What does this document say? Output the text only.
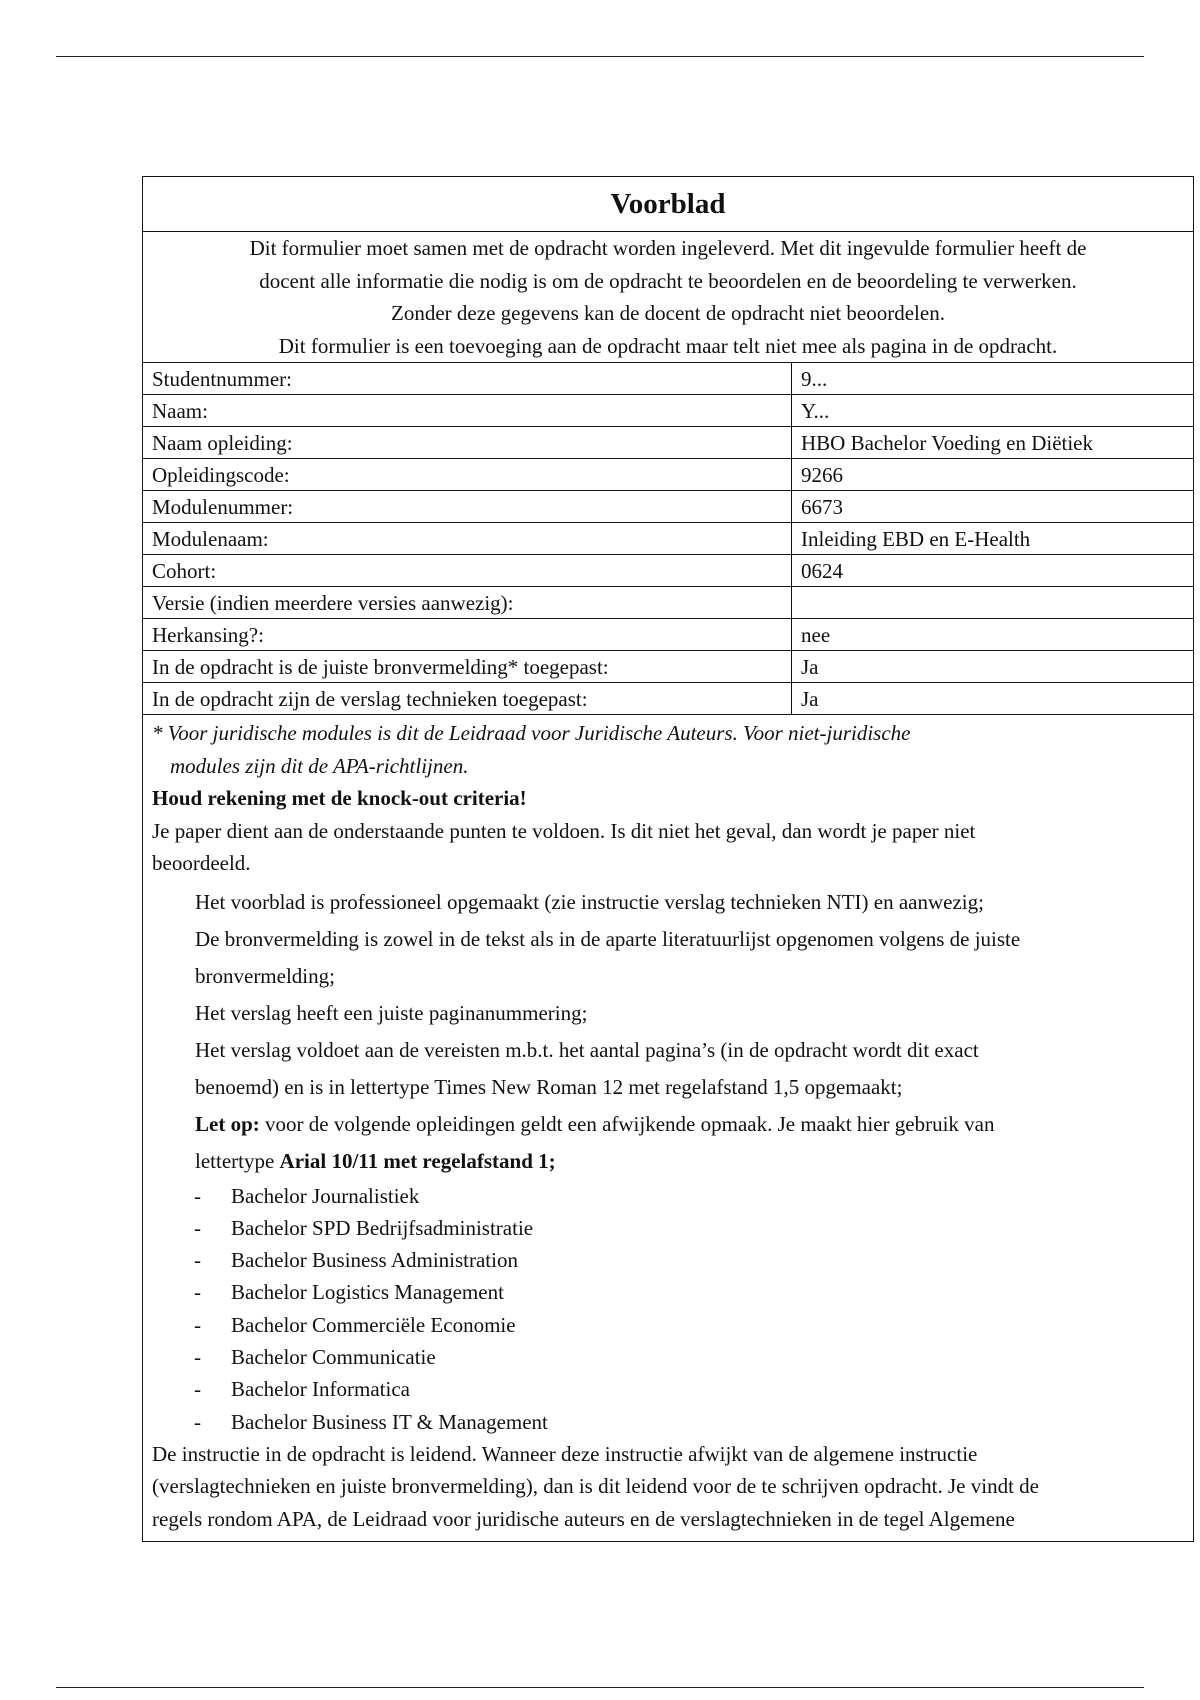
Voorblad
Dit formulier moet samen met de opdracht worden ingeleverd. Met dit ingevulde formulier heeft de
docent alle informatie die nodig is om de opdracht te beoordelen en de beoordeling te verwerken.
Zonder deze gegevens kan de docent de opdracht niet beoordelen.
Dit formulier is een toevoeging aan de opdracht maar telt niet mee als pagina in de opdracht.
Studentnummer:	9...
Naam:	Y...
Naam opleiding:	HBO Bachelor Voeding en Diëtiek
Opleidingscode:	9266
Modulenummer:	6673
Modulenaam:	Inleiding EBD en E-Health
Cohort:	0624
Versie (indien meerdere versies aanwezig):	
Herkansing?:	nee
In de opdracht is de juiste bronvermelding* toegepast:	Ja
In de opdracht zijn de verslag technieken toegepast:	Ja
* Voor juridische modules is dit de Leidraad voor Juridische Auteurs. Voor niet-juridische
modules zijn dit de APA-richtlijnen.
Houd rekening met de knock-out criteria!
Je paper dient aan de onderstaande punten te voldoen. Is dit niet het geval, dan wordt je paper niet
beoordeeld.
Het voorblad is professioneel opgemaakt (zie instructie verslag technieken NTI) en aanwezig;
De bronvermelding is zowel in de tekst als in de aparte literatuurlijst opgenomen volgens de juiste
bronvermelding;
Het verslag heeft een juiste paginanummering;
Het verslag voldoet aan de vereisten m.b.t. het aantal pagina’s (in de opdracht wordt dit exact
benoemd) en is in lettertype Times New Roman 12 met regelafstand 1,5 opgemaakt;
Let op: voor de volgende opleidingen geldt een afwijkende opmaak. Je maakt hier gebruik van
lettertype Arial 10/11 met regelafstand 1;
- Bachelor Journalistiek
- Bachelor SPD Bedrijfsadministratie
- Bachelor Business Administration
- Bachelor Logistics Management
- Bachelor Commerciële Economie
- Bachelor Communicatie
- Bachelor Informatica
- Bachelor Business IT & Management
De instructie in de opdracht is leidend. Wanneer deze instructie afwijkt van de algemene instructie
(verslagtechnieken en juiste bronvermelding), dan is dit leidend voor de te schrijven opdracht. Je vindt de
regels rondom APA, de Leidraad voor juridische auteurs en de verslagtechnieken in de tegel Algemene
